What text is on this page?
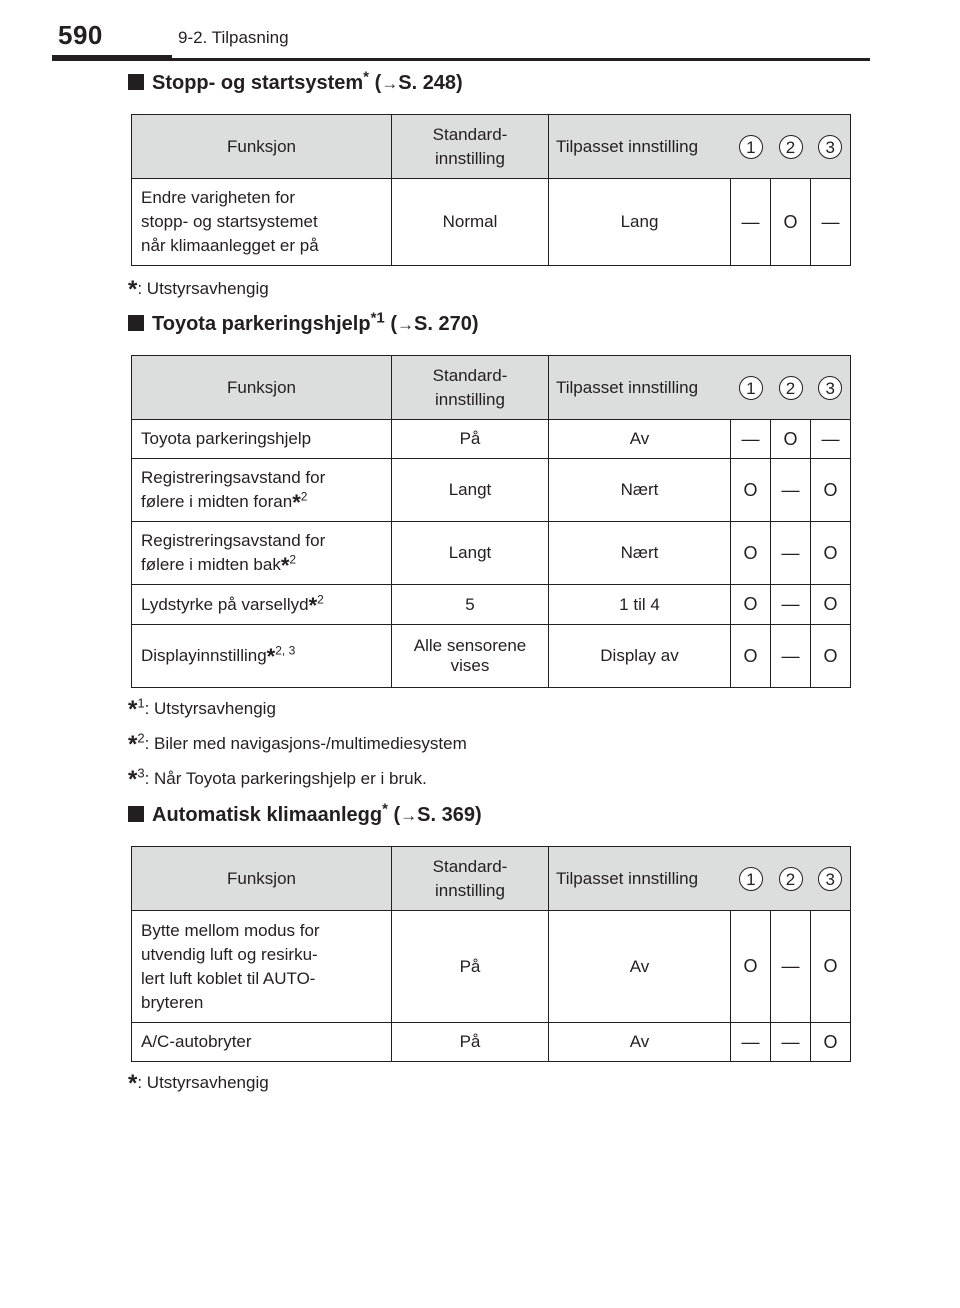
590	9-2. Tilpasning
Stopp- og startsystem* (→S. 248)
Funksjon	Standard-
innstilling	Tilpasset innstilling 1 2 3			

Endre varigheten for
stopp- og startsystemet
når klimaanlegget er på	Normal	Lang	—	O	—
*: Utstyrsavhengig
Toyota parkeringshjelp$^{*1}$ (→S. 270)
Funksjon	Standard-
innstilling	Tilpasset innstilling 1 2 3			

Toyota parkeringshjelp	På	Av	—	O	—
Registreringsavstand for
følere i midten foran*$^2$	Langt	Nært	O	—	O
Registreringsavstand for
følere i midten bak*$^2$	Langt	Nært	O	—	O
Lydstyrke på varsellyd*$^2$	5	1 til 4	O	—	O
Displayinnstilling*$^{2, 3}$	Alle sensorene
vises	Display av	O	—	O
*$^1$: Utstyrsavhengig
*$^2$: Biler med navigasjons-/multimediesystem
*$^3$: Når Toyota parkeringshjelp er i bruk.
Automatisk klimaanlegg* (→S. 369)
Funksjon	Standard-
innstilling	Tilpasset innstilling 1 2 3			

Bytte mellom modus for
utvendig luft og resirku-
lert luft koblet til AUTO-
bryteren	På	Av	O	—	O
A/C-autobryter	På	Av	—	—	O
*: Utstyrsavhengig
